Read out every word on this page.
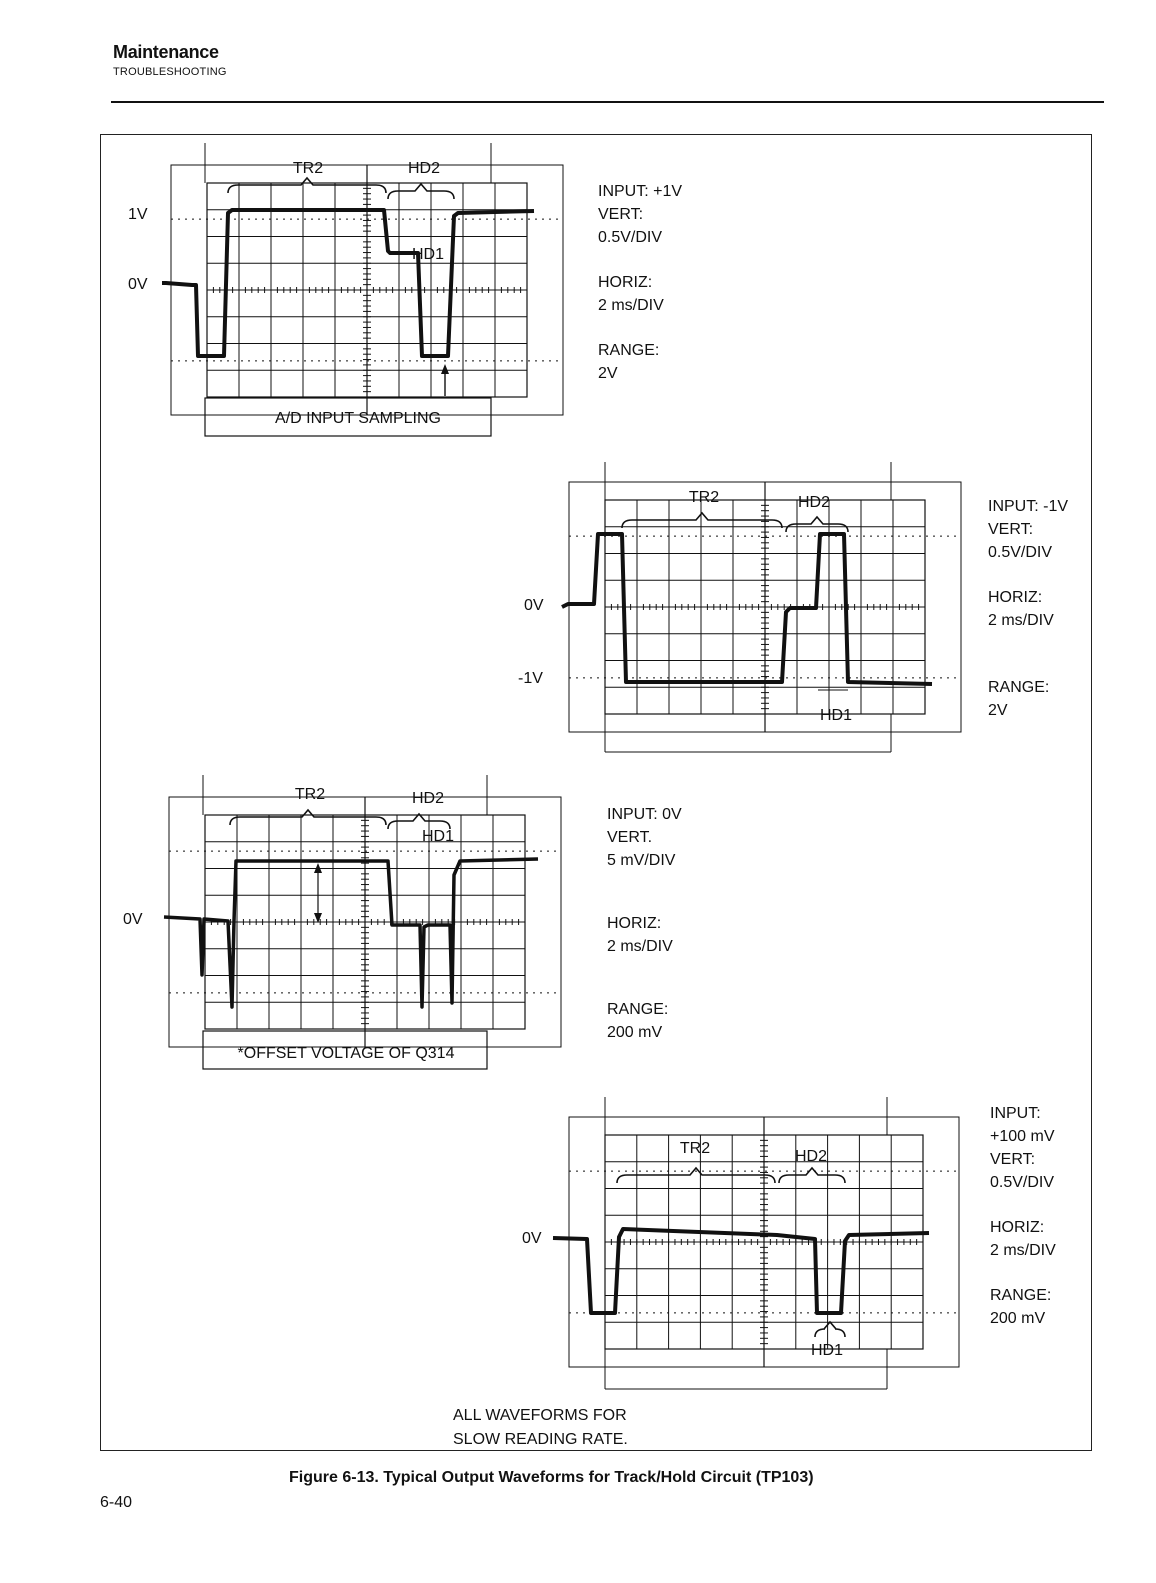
Maintenance
TROUBLESHOOTING
A/D INPUT SAMPLING
TR2	HD2
HD1
1V
0V
INPUT: +1V
VERT:
0.5V/DIV
HORIZ:
2 ms/DIV
RANGE:
2V
TR2	HD2
HD1
0V
-1V
INPUT: -1V
VERT:
0.5V/DIV
HORIZ:
2 ms/DIV
RANGE:
2V
*OFFSET VOLTAGE OF Q314
TR2	HD2
HD1
0V
INPUT: 0V
VERT.
5 mV/DIV
HORIZ:
2 ms/DIV
RANGE:
200 mV
TR2	HD2
HD1
0V
INPUT:
+100 mV
VERT:
0.5V/DIV
HORIZ:
2 ms/DIV
RANGE:
200 mV
ALL WAVEFORMS FOR
SLOW READING RATE.
Figure 6-13. Typical Output Waveforms for Track/Hold Circuit (TP103)
6-40
